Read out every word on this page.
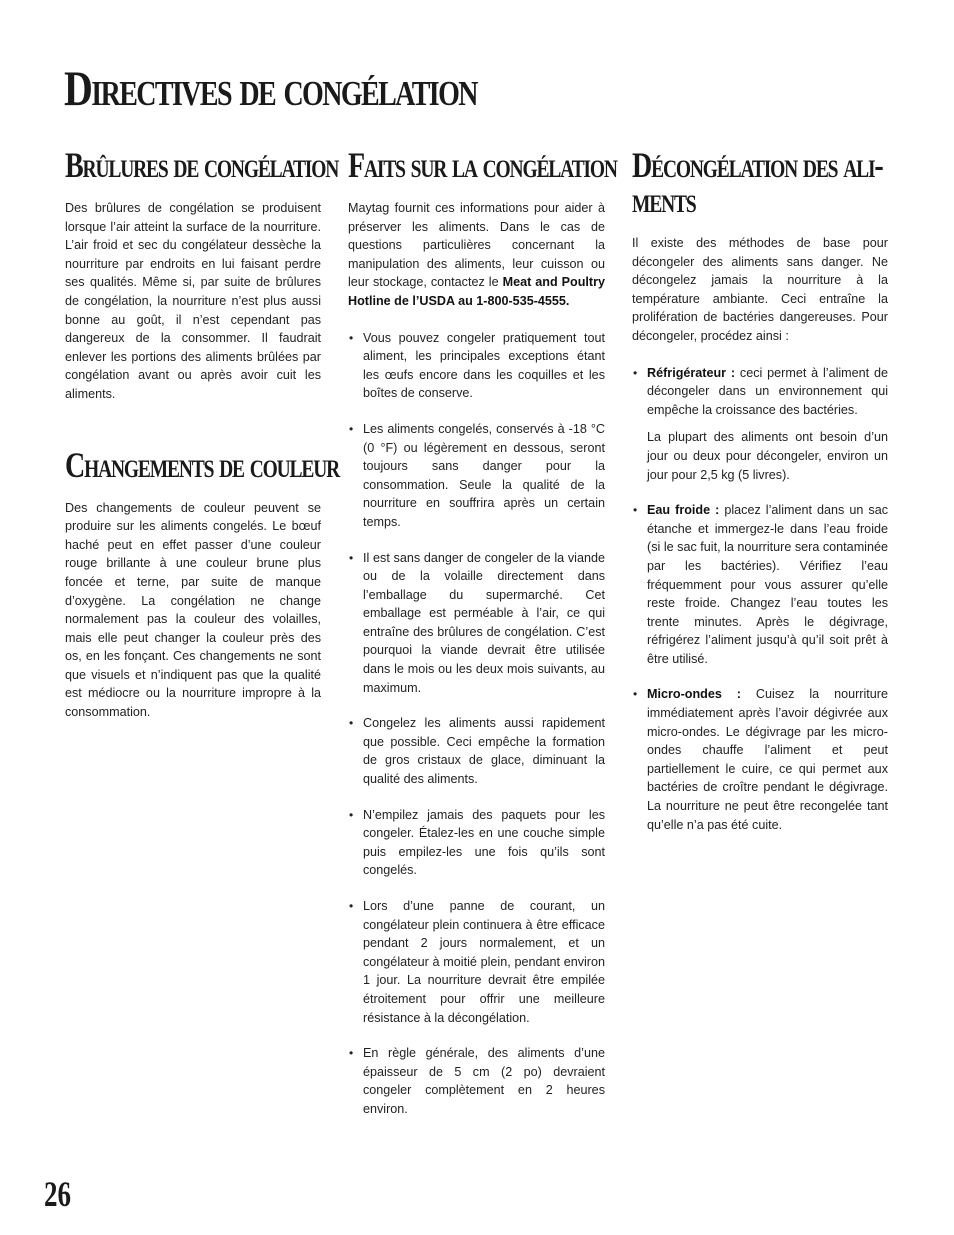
Directives de congélation
Brûlures de congélation

Des brûlures de congélation se produisent lorsque l’air atteint la surface de la nourriture. L’air froid et sec du congélateur dessèche la nourriture par endroits en lui faisant perdre ses qualités. Même si, par suite de brûlures de congélation, la nourriture n’est plus aussi bonne au goût, il n’est cependant pas dangereux de la consommer. Il faudrait enlever les portions des aliments brûlées par congélation avant ou après avoir cuit les aliments.

Changements de couleur

Des changements de couleur peuvent se produire sur les aliments congelés. Le bœuf haché peut en effet passer d’une couleur rouge brillante à une couleur brune plus foncée et terne, par suite de manque d’oxygène. La congélation ne change normalement pas la couleur des volailles, mais elle peut changer la couleur près des os, en les fonçant. Ces changements ne sont que visuels et n’indiquent pas que la qualité est médiocre ou la nourriture impropre à la consommation.

Faits sur la congélation

Maytag fournit ces informations pour aider à préserver les aliments. Dans le cas de questions particulières concernant la manipulation des aliments, leur cuisson ou leur stockage, contactez le Meat and Poultry Hotline de l’USDA au 1-800-535-4555.

• Vous pouvez congeler pratiquement tout aliment, les principales exceptions étant les œufs encore dans les coquilles et les boîtes de conserve.
• Les aliments congelés, conservés à -18 °C (0 °F) ou légèrement en dessous, seront toujours sans danger pour la consommation. Seule la qualité de la nourriture en souffrira après un certain temps.
• Il est sans danger de congeler de la viande ou de la volaille directement dans l’emballage du supermarché. Cet emballage est perméable à l’air, ce qui entraîne des brûlures de congélation. C’est pourquoi la viande devrait être utilisée dans le mois ou les deux mois suivants, au maximum.
• Congelez les aliments aussi rapidement que possible. Ceci empêche la formation de gros cristaux de glace, diminuant la qualité des aliments.
• N’empilez jamais des paquets pour les congeler. Étalez-les en une couche simple puis empilez-les une fois qu’ils sont congelés.
• Lors d’une panne de courant, un congélateur plein continuera à être efficace pendant 2 jours normalement, et un congélateur à moitié plein, pendant environ 1 jour. La nourriture devrait être empilée étroitement pour offrir une meilleure résistance à la décongélation.
• En règle générale, des aliments d’une épaisseur de 5 cm (2 po) devraient congeler complètement en 2 heures environ.
Décongélation des ali-ments

Il existe des méthodes de base pour décongeler des aliments sans danger. Ne décongelez jamais la nourriture à la température ambiante. Ceci entraîne la prolifération de bactéries dangereuses. Pour décongeler, procédez ainsi :

• Réfrigérateur : ceci permet à l’aliment de décongeler dans un environnement qui empêche la croissance des bactéries.

La plupart des aliments ont besoin d’un jour ou deux pour décongeler, environ un jour pour 2,5 kg (5 livres).

• Eau froide : placez l’aliment dans un sac étanche et immergez-le dans l’eau froide (si le sac fuit, la nourriture sera contaminée par les bactéries). Vérifiez l’eau fréquemment pour vous assurer qu’elle reste froide. Changez l’eau toutes les trente minutes. Après le dégivrage, réfrigérez l’aliment jusqu’à qu’il soit prêt à être utilisé.

• Micro-ondes : Cuisez la nourriture immédiatement après l’avoir dégivrée aux micro-ondes. Le dégivrage par les micro-ondes chauffe l’aliment et peut partiellement le cuire, ce qui permet aux bactéries de croître pendant le dégivrage. La nourriture ne peut être recongelée tant qu’elle n’a pas été cuite.

26
